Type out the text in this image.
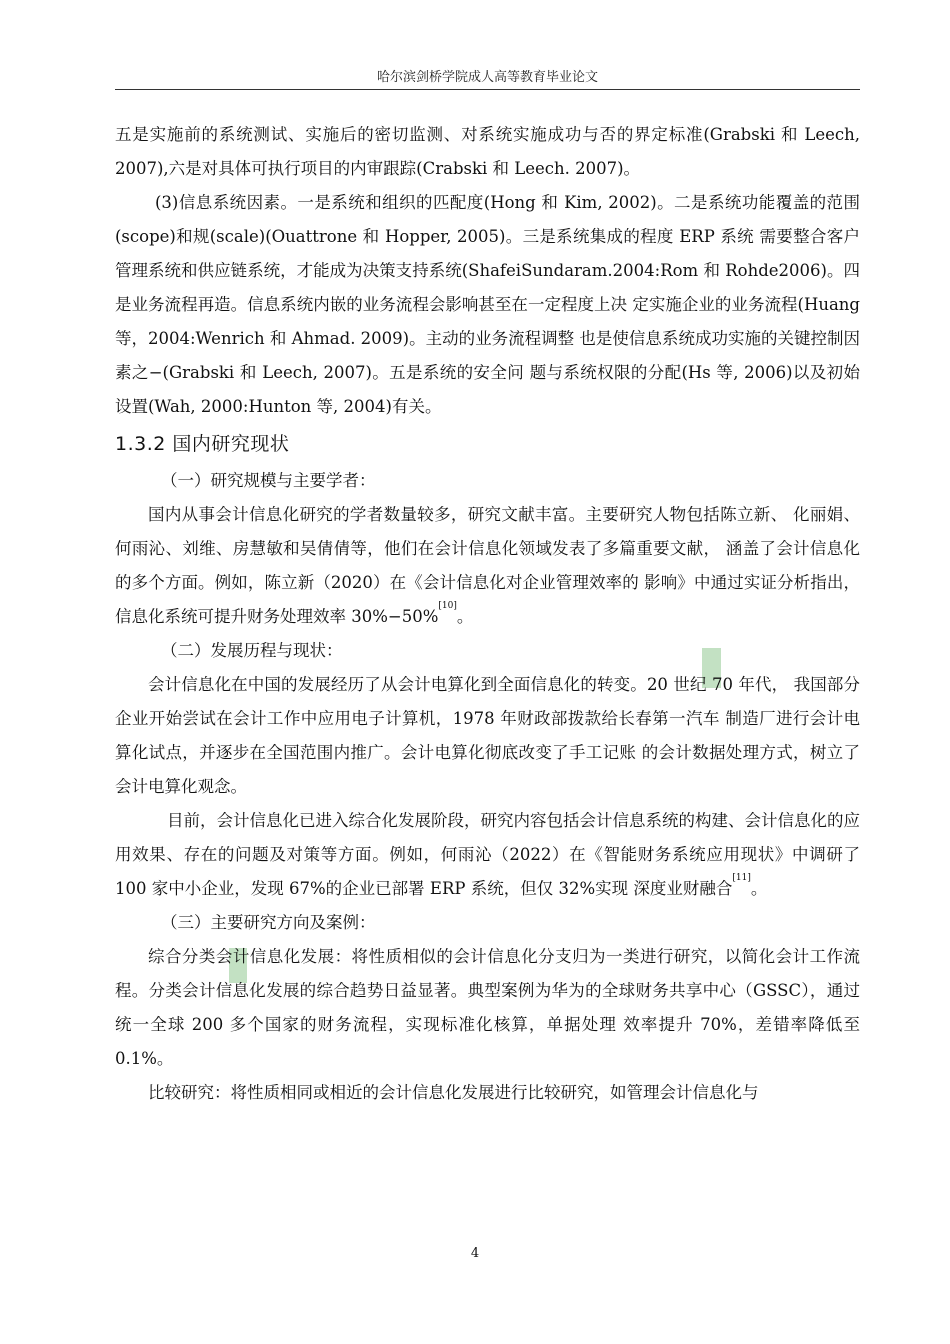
哈尔滨剑桥学院成人高等教育毕业论文

五是实施前的系统测试、实施后的密切监测、对系统实施成功与否的界定标准(Grabski 和 Leech, 2007),六是对具体可执行项目的内审跟踪(Crabski 和 Leech. 2007)。

(3)信息系统因素。一是系统和组织的匹配度(Hong 和 Kim, 2002)。二是系统功能覆盖的范围(scope)和规(scale)(Ouattrone 和 Hopper, 2005)。三是系统集成的程度 ERP 系统 需要整合客户管理系统和供应链系统，才能成为决策支持系统(ShafeiSundaram.2004:Rom 和 Rohde2006)。四是业务流程再造。信息系统内嵌的业务流程会影响甚至在一定程度上决 定实施企业的业务流程(Huang 等，2004:Wenrich 和 Ahmad. 2009)。主动的业务流程调整 也是使信息系统成功实施的关键控制因素之−(Grabski 和 Leech, 2007)。五是系统的安全问 题与系统权限的分配(Hs 等, 2006)以及初始设置(Wah, 2000:Hunton 等, 2004)有关。

1.3.2 国内研究现状

（一）研究规模与主要学者：

国内从事会计信息化研究的学者数量较多，研究文献丰富。主要研究人物包括陈立新、 化丽娟、何雨沁、刘维、房慧敏和吴倩倩等，他们在会计信息化领域发表了多篇重要文献， 涵盖了会计信息化的多个方面。例如，陈立新（2020）在《会计信息化对企业管理效率的 影响》中通过实证分析指出，信息化系统可提升财务处理效率 30%−50%[10]。

（二）发展历程与现状：

会计信息化在中国的发展经历了从会计电算化到全面信息化的转变。20 世纪 70 年代， 我国部分企业开始尝试在会计工作中应用电子计算机，1978 年财政部拨款给长春第一汽车 制造厂进行会计电算化试点，并逐步在全国范围内推广。会计电算化彻底改变了手工记账 的会计数据处理方式，树立了会计电算化观念。

目前，会计信息化已进入综合化发展阶段，研究内容包括会计信息系统的构建、会计信息化的应用效果、存在的问题及对策等方面。例如，何雨沁（2022）在《智能财务系统应用现状》中调研了 100 家中小企业，发现 67%的企业已部署 ERP 系统，但仅 32%实现 深度业财融合[11]。

（三）主要研究方向及案例：

综合分类会计信息化发展：将性质相似的会计信息化分支归为一类进行研究，以简化会计工作流程。分类会计信息化发展的综合趋势日益显著。典型案例为华为的全球财务共享中心（GSSC），通过统一全球 200 多个国家的财务流程，实现标准化核算，单据处理 效率提升 70%，差错率降低至 0.1%。

比较研究：将性质相同或相近的会计信息化发展进行比较研究，如管理会计信息化与

4
